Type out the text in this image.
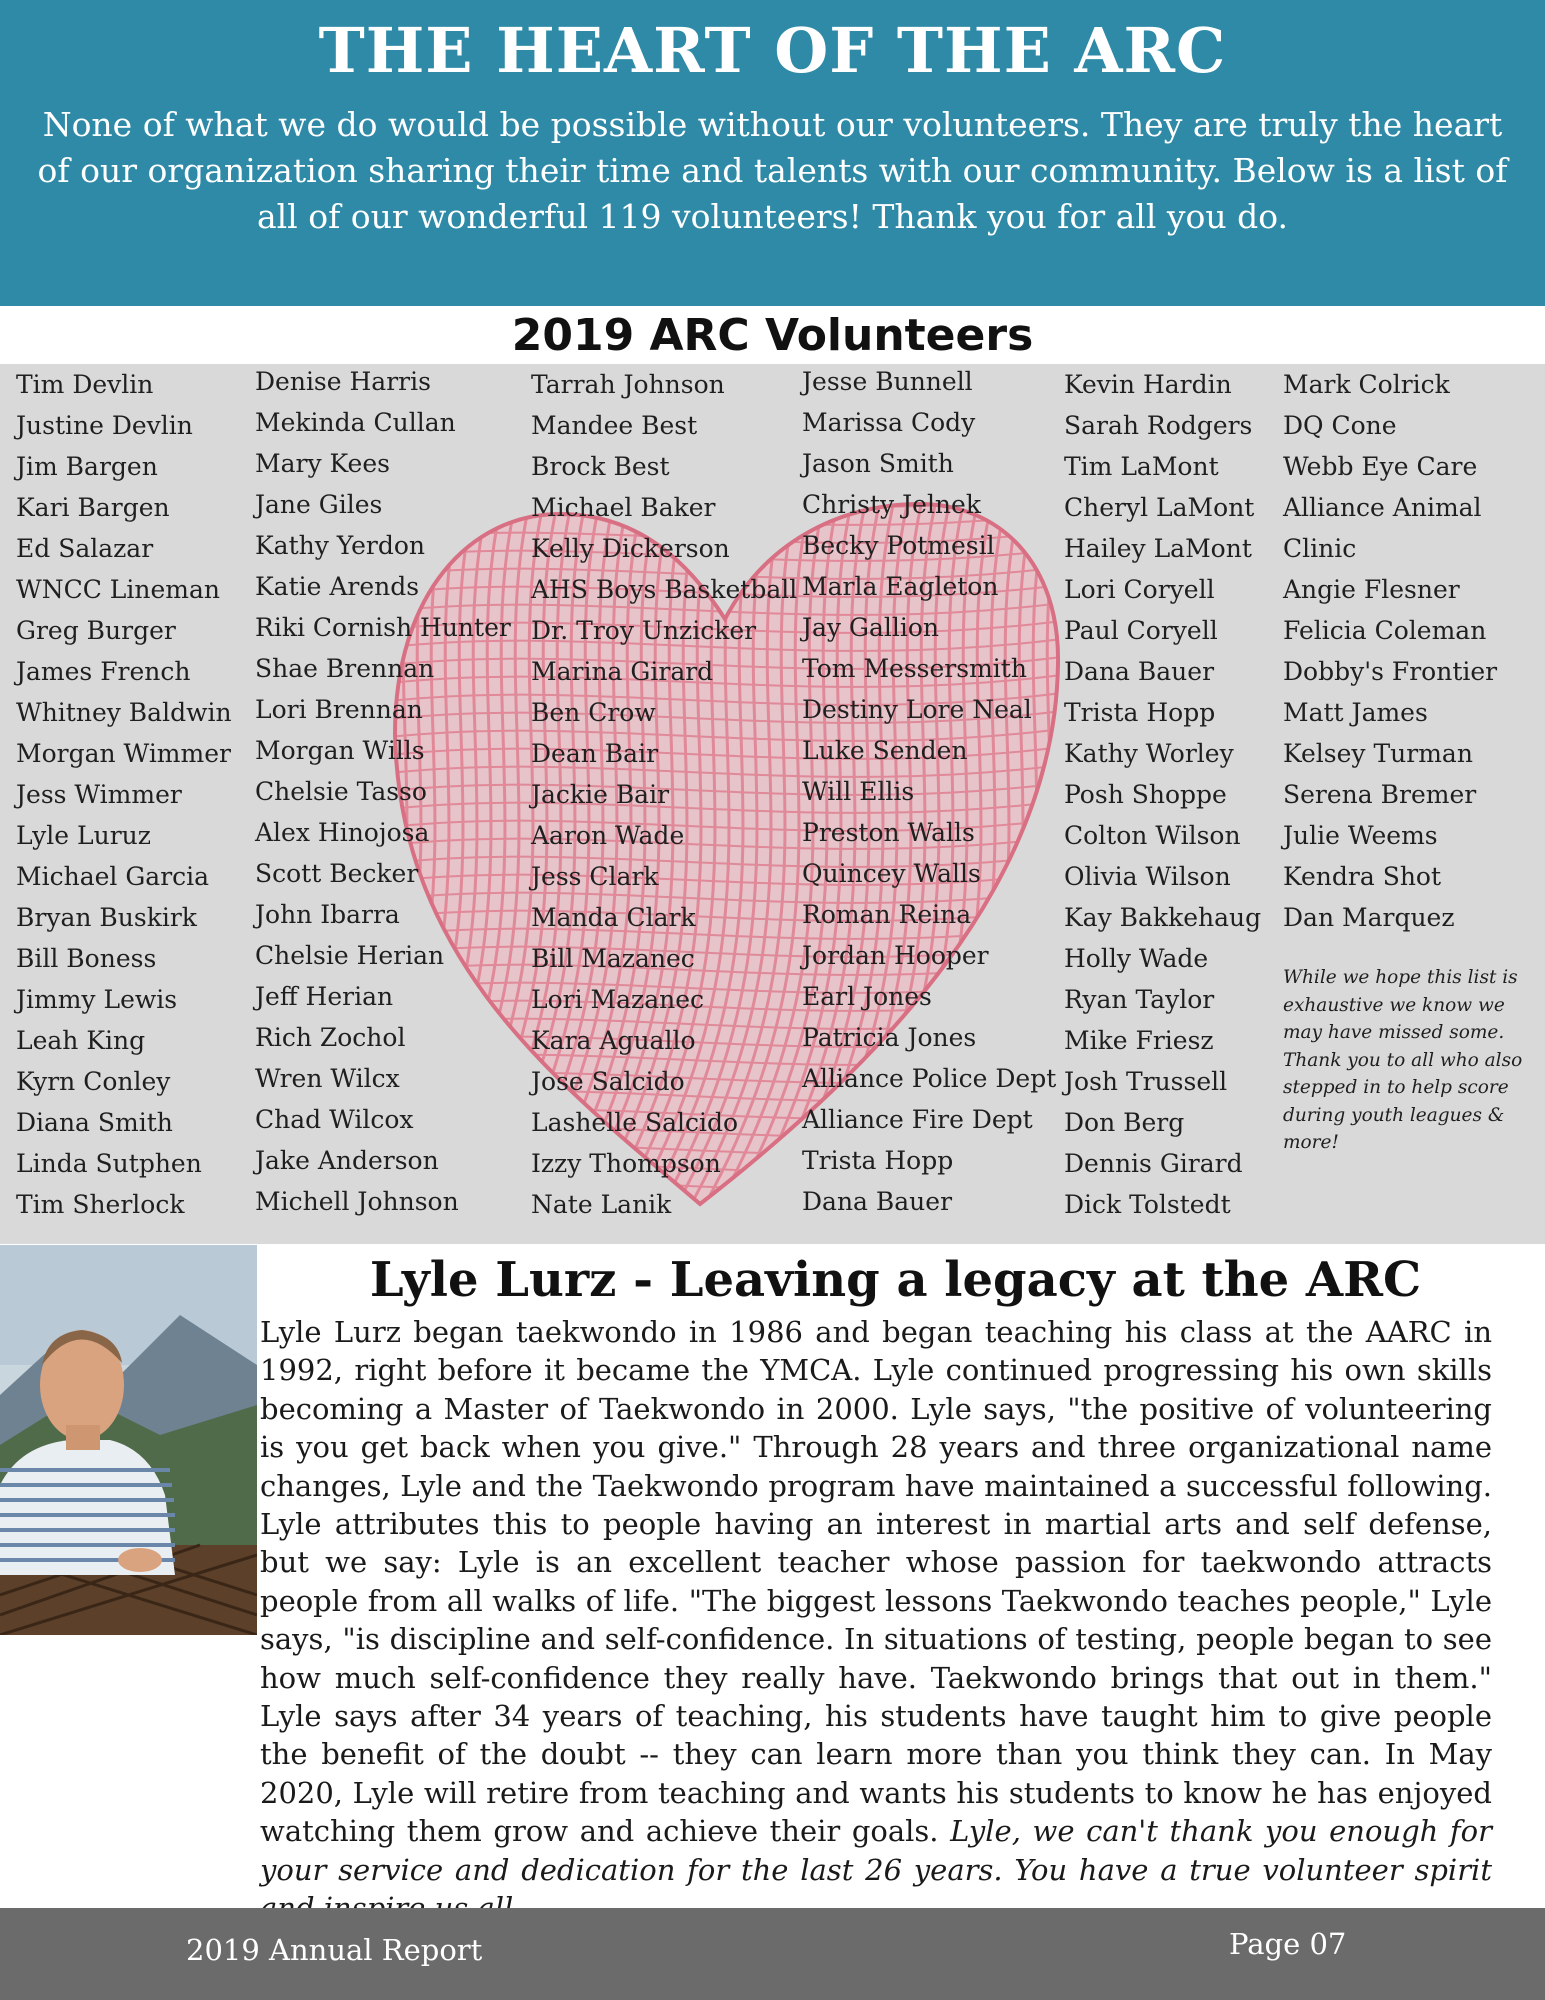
THE HEART OF THE ARC

None of what we do would be possible without our volunteers. They are truly the heart of our organization sharing their time and talents with our community. Below is a list of all of our wonderful 119 volunteers! Thank you for all you do.

2019 ARC Volunteers
Tim Devlin
Justine Devlin
Jim Bargen
Kari Bargen
Ed Salazar
WNCC Lineman
Greg Burger
James French
Whitney Baldwin
Morgan Wimmer
Jess Wimmer
Lyle Luruz
Michael Garcia
Bryan Buskirk
Bill Boness
Jimmy Lewis
Leah King
Kyrn Conley
Diana Smith
Linda Sutphen
Tim Sherlock
Denise Harris
Mekinda Cullan
Mary Kees
Jane Giles
Kathy Yerdon
Katie Arends
Riki Cornish Hunter
Shae Brennan
Lori Brennan
Morgan Wills
Chelsie Tasso
Alex Hinojosa
Scott Becker
John Ibarra
Chelsie Herian
Jeff Herian
Rich Zochol
Wren Wilcx
Chad Wilcox
Jake Anderson
Michell Johnson
Tarrah Johnson
Mandee Best
Brock Best
Michael Baker
Kelly Dickerson
AHS Boys Basketball
Dr. Troy Unzicker
Marina Girard
Ben Crow
Dean Bair
Jackie Bair
Aaron Wade
Jess Clark
Manda Clark
Bill Mazanec
Lori Mazanec
Kara Aguallo
Jose Salcido
Lashelle Salcido
Izzy Thompson
Nate Lanik
Jesse Bunnell
Marissa Cody
Jason Smith
Christy Jelnek
Becky Potmesil
Marla Eagleton
Jay Gallion
Tom Messersmith
Destiny Lore Neal
Luke Senden
Will Ellis
Preston Walls
Quincey Walls
Roman Reina
Jordan Hooper
Earl Jones
Patricia Jones
Alliance Police Dept
Alliance Fire Dept
Trista Hopp
Dana Bauer
Kevin Hardin
Sarah Rodgers
Tim LaMont
Cheryl LaMont
Hailey LaMont
Lori Coryell
Paul Coryell
Dana Bauer
Trista Hopp
Kathy Worley
Posh Shoppe
Colton Wilson
Olivia Wilson
Kay Bakkehaug
Holly Wade
Ryan Taylor
Mike Friesz
Josh Trussell
Don Berg
Dennis Girard
Dick Tolstedt
Mark Colrick
DQ Cone
Webb Eye Care
Alliance Animal
Clinic
Angie Flesner
Felicia Coleman
Dobby's Frontier
Matt James
Kelsey Turman
Serena Bremer
Julie Weems
Kendra Shot
Dan Marquez

While we hope this list is exhaustive we know we may have missed some. Thank you to all who also stepped in to help score during youth leagues & more!

Lyle Lurz - Leaving a legacy at the ARC

Lyle Lurz began taekwondo in 1986 and began teaching his class at the AARC in 1992, right before it became the YMCA. Lyle continued progressing his own skills becoming a Master of Taekwondo in 2000. Lyle says, "the positive of volunteering is you get back when you give." Through 28 years and three organizational name changes, Lyle and the Taekwondo program have maintained a successful following. Lyle attributes this to people having an interest in martial arts and self defense, but we say: Lyle is an excellent teacher whose passion for taekwondo attracts people from all walks of life. "The biggest lessons Taekwondo teaches people," Lyle says, "is discipline and self-confidence. In situations of testing, people began to see how much self-confidence they really have. Taekwondo brings that out in them." Lyle says after 34 years of teaching, his students have taught him to give people the benefit of the doubt -- they can learn more than you think they can. In May 2020, Lyle will retire from teaching and wants his students to know he has enjoyed watching them grow and achieve their goals. Lyle, we can't thank you enough for your service and dedication for the last 26 years. You have a true volunteer spirit

2019 Annual Report	Page 07
